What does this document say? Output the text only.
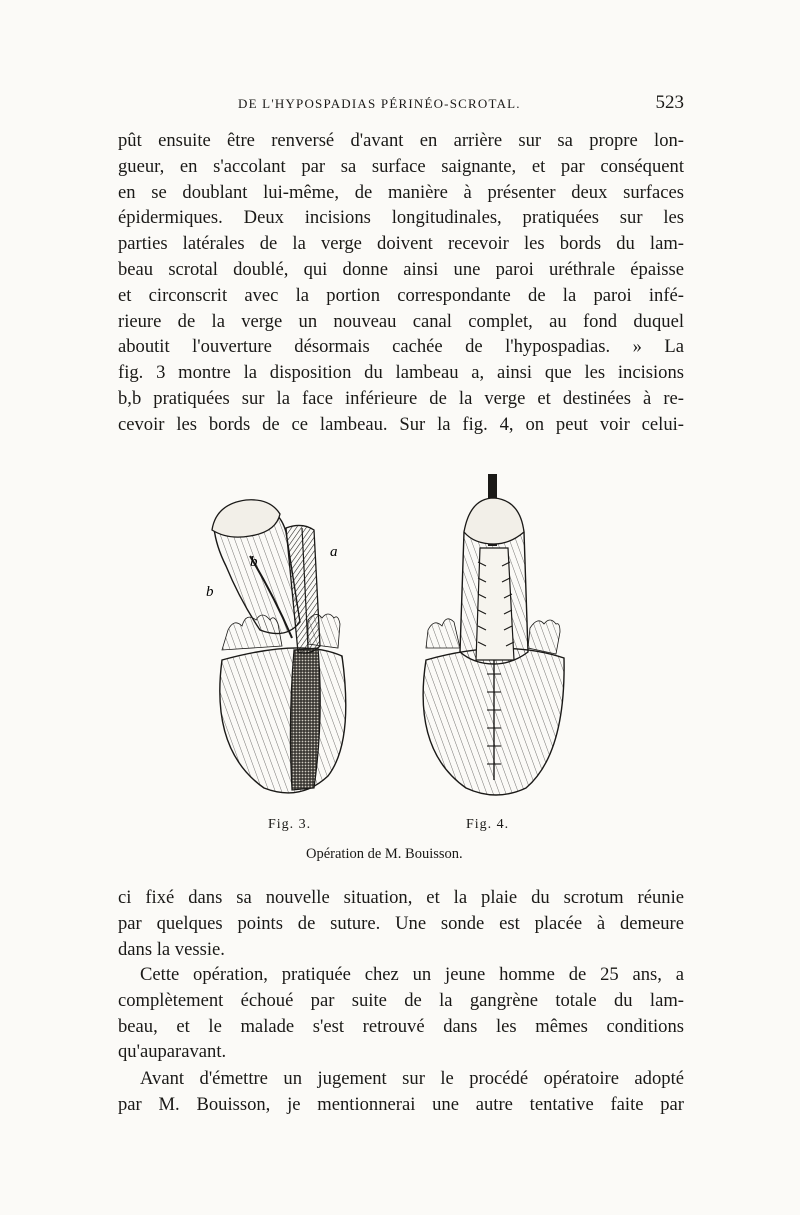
DE L'HYPOSPADIAS PÉRINÉO-SCROTAL.	523
pût ensuite être renversé d'avant en arrière sur sa propre lon-
gueur, en s'accolant par sa surface saignante, et par conséquent
en se doublant lui-même, de manière à présenter deux surfaces
épidermiques. Deux incisions longitudinales, pratiquées sur les
parties latérales de la verge doivent recevoir les bords du lam-
beau scrotal doublé, qui donne ainsi une paroi uréthrale épaisse
et circonscrit avec la portion correspondante de la paroi infé-
rieure de la verge un nouveau canal complet, au fond duquel
aboutit l'ouverture désormais cachée de l'hypospadias. » La
fig. 3 montre la disposition du lambeau a, ainsi que les incisions
b,b pratiquées sur la face inférieure de la verge et destinées à re-
cevoir les bords de ce lambeau. Sur la fig. 4, on peut voir celui-
b
a
b
Fig. 3.	Fig. 4.
Opération de M. Bouisson.
ci fixé dans sa nouvelle situation, et la plaie du scrotum réunie
par quelques points de suture. Une sonde est placée à demeure
dans la vessie.
Cette opération, pratiquée chez un jeune homme de 25 ans, a
complètement échoué par suite de la gangrène totale du lam-
beau, et le malade s'est retrouvé dans les mêmes conditions
qu'auparavant.
Avant d'émettre un jugement sur le procédé opératoire adopté
par M. Bouisson, je mentionnerai une autre tentative faite par
